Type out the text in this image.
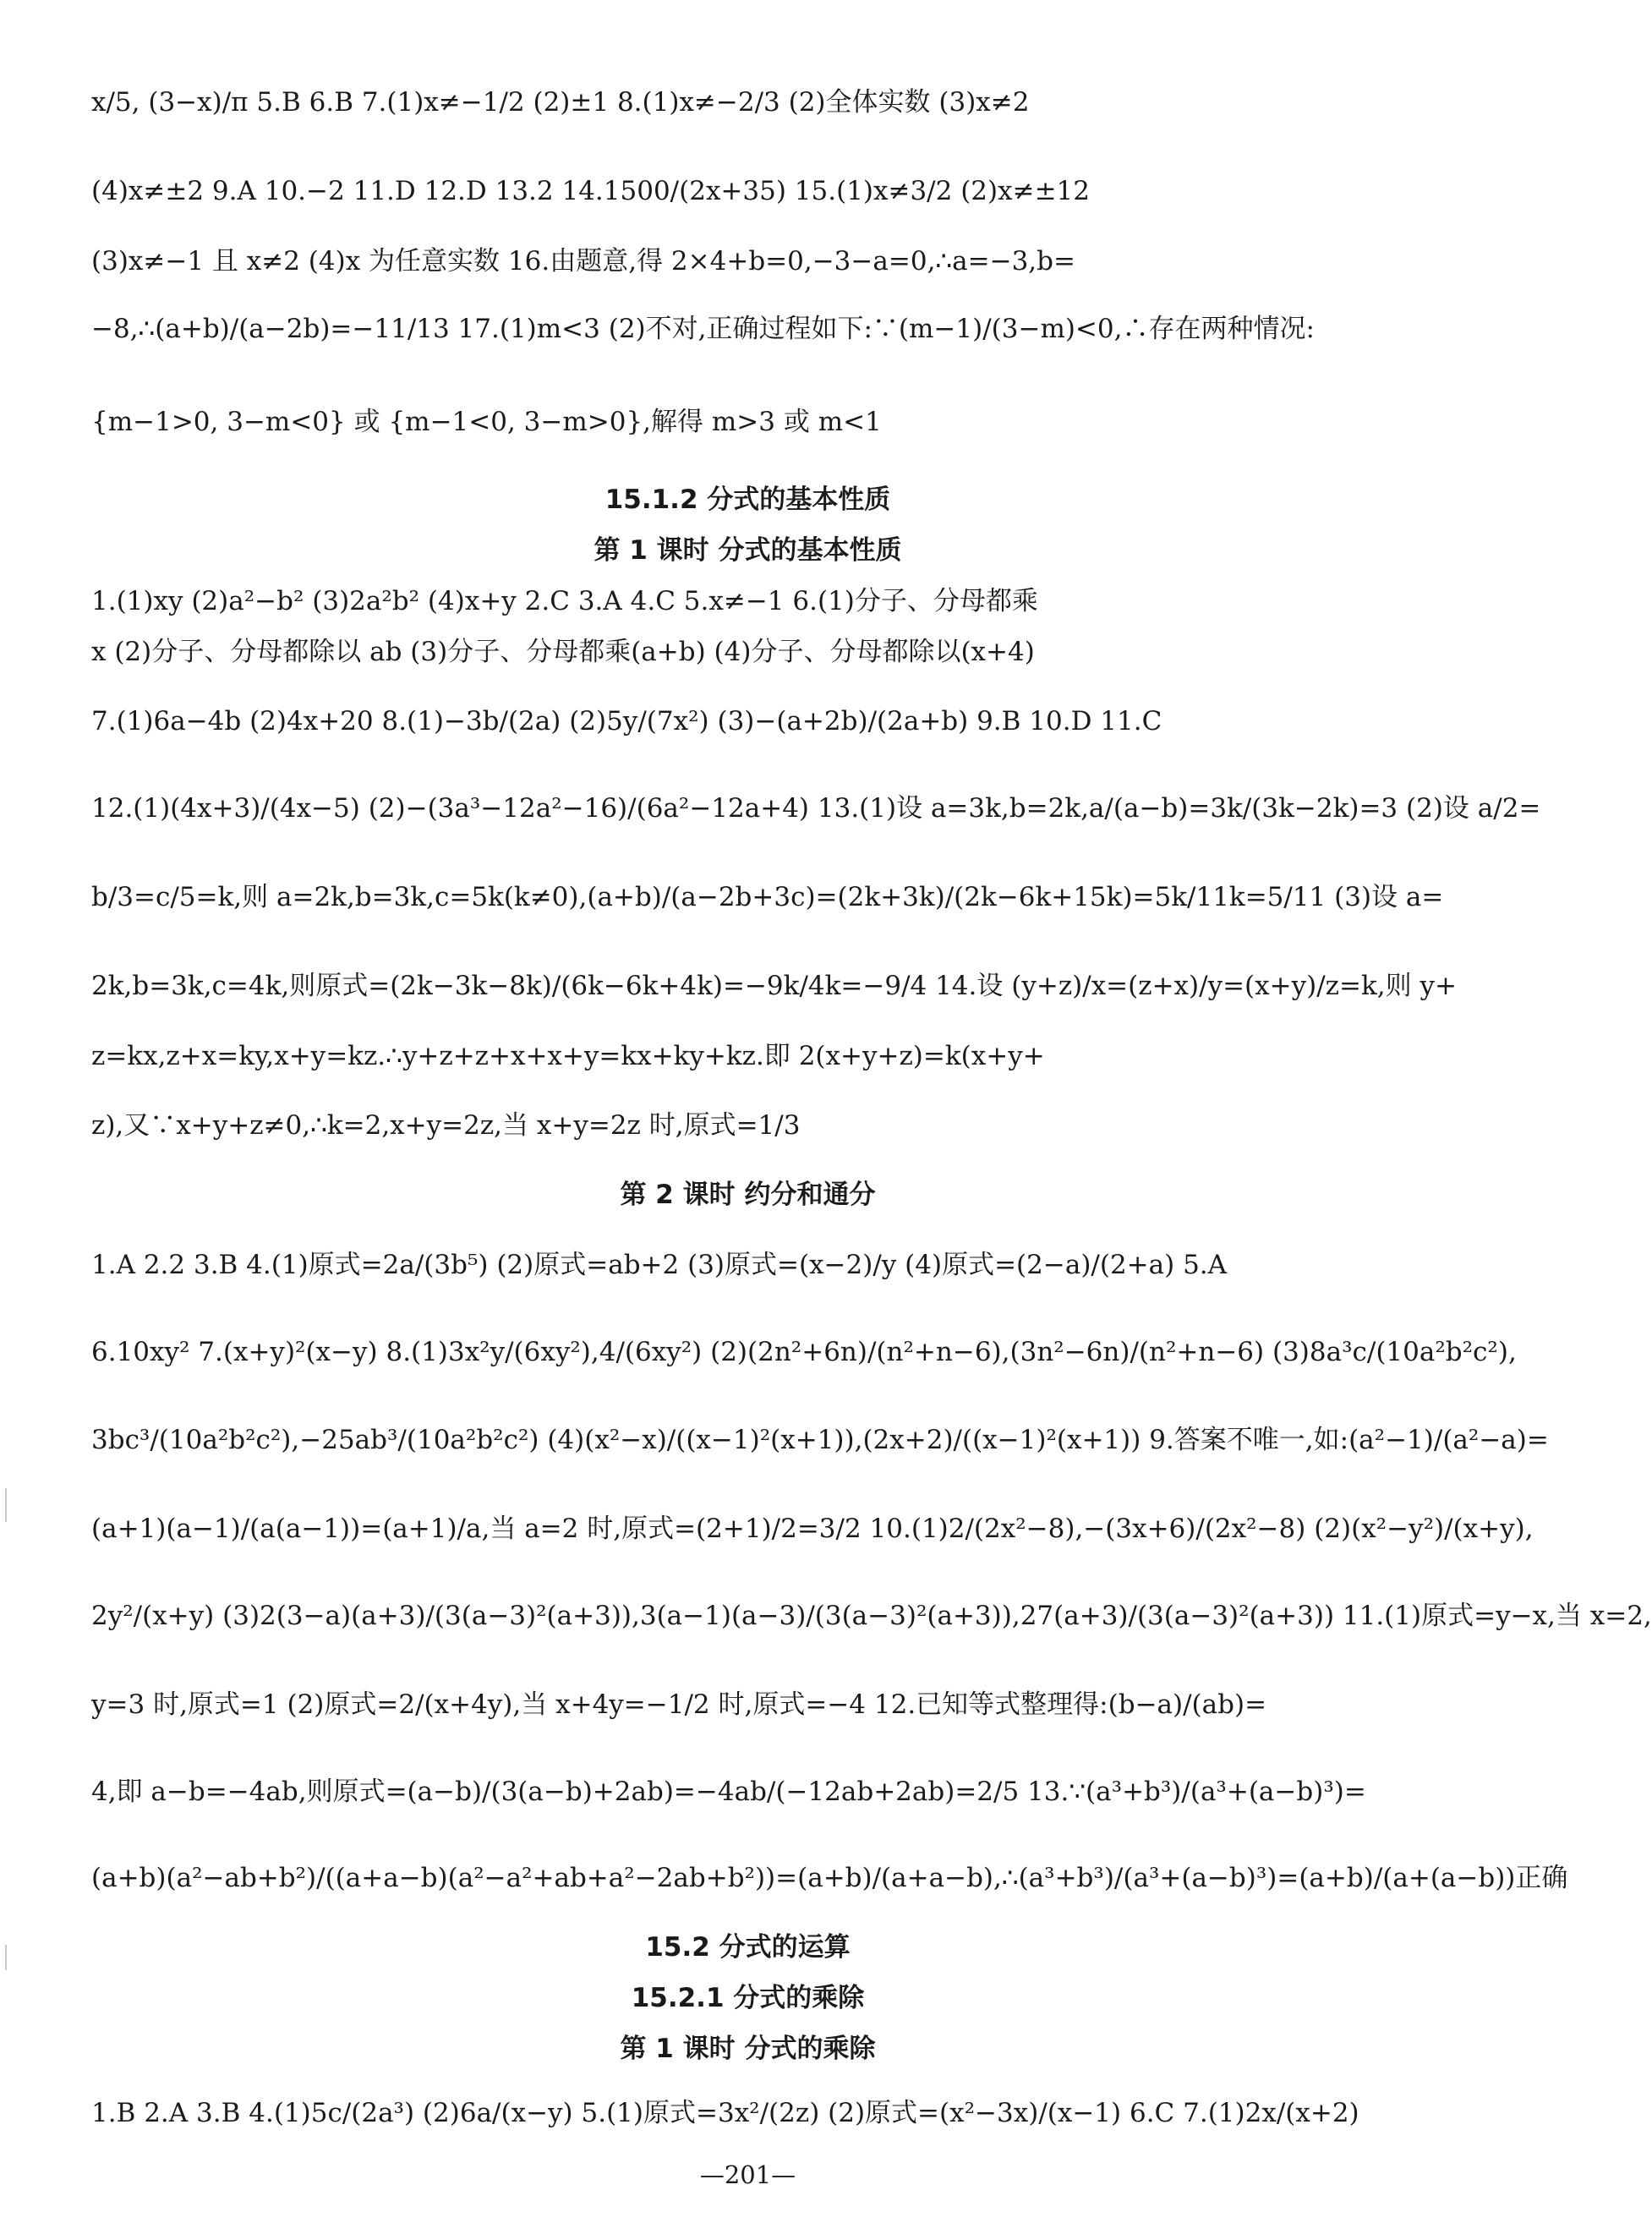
x/5, (3−x)/π 5.B 6.B 7.(1)x≠−1/2 (2)±1 8.(1)x≠−2/3 (2)全体实数 (3)x≠2
(4)x≠±2 9.A 10.−2 11.D 12.D 13.2 14.1500/(2x+35) 15.(1)x≠3/2 (2)x≠±12
(3)x≠−1 且 x≠2 (4)x 为任意实数 16.由题意,得 2×4+b=0,−3−a=0,∴a=−3,b=
−8,∴(a+b)/(a−2b)=−11/13 17.(1)m<3 (2)不对,正确过程如下:∵(m−1)/(3−m)<0,∴存在两种情况:
{m−1>0, 3−m<0} 或 {m−1<0, 3−m>0},解得 m>3 或 m<1
15.1.2 分式的基本性质
第 1 课时 分式的基本性质
1.(1)xy (2)a²−b² (3)2a²b² (4)x+y 2.C 3.A 4.C 5.x≠−1 6.(1)分子、分母都乘
x (2)分子、分母都除以 ab (3)分子、分母都乘(a+b) (4)分子、分母都除以(x+4)
7.(1)6a−4b (2)4x+20 8.(1)−3b/(2a) (2)5y/(7x²) (3)−(a+2b)/(2a+b) 9.B 10.D 11.C
12.(1)(4x+3)/(4x−5) (2)−(3a³−12a²−16)/(6a²−12a+4) 13.(1)设 a=3k,b=2k,a/(a−b)=3k/(3k−2k)=3 (2)设 a/2=
b/3=c/5=k,则 a=2k,b=3k,c=5k(k≠0),(a+b)/(a−2b+3c)=(2k+3k)/(2k−6k+15k)=5k/11k=5/11 (3)设 a=
2k,b=3k,c=4k,则原式=(2k−3k−8k)/(6k−6k+4k)=−9k/4k=−9/4 14.设 (y+z)/x=(z+x)/y=(x+y)/z=k,则 y+
z=kx,z+x=ky,x+y=kz.∴y+z+z+x+x+y=kx+ky+kz.即 2(x+y+z)=k(x+y+
z),又∵x+y+z≠0,∴k=2,x+y=2z,当 x+y=2z 时,原式=1/3
第 2 课时 约分和通分
1.A 2.2 3.B 4.(1)原式=2a/(3b⁵) (2)原式=ab+2 (3)原式=(x−2)/y (4)原式=(2−a)/(2+a) 5.A
6.10xy² 7.(x+y)²(x−y) 8.(1)3x²y/(6xy²),4/(6xy²) (2)(2n²+6n)/(n²+n−6),(3n²−6n)/(n²+n−6) (3)8a³c/(10a²b²c²),
3bc³/(10a²b²c²),−25ab³/(10a²b²c²) (4)(x²−x)/((x−1)²(x+1)),(2x+2)/((x−1)²(x+1)) 9.答案不唯一,如:(a²−1)/(a²−a)=
(a+1)(a−1)/(a(a−1))=(a+1)/a,当 a=2 时,原式=(2+1)/2=3/2 10.(1)2/(2x²−8),−(3x+6)/(2x²−8) (2)(x²−y²)/(x+y),
2y²/(x+y) (3)2(3−a)(a+3)/(3(a−3)²(a+3)),3(a−1)(a−3)/(3(a−3)²(a+3)),27(a+3)/(3(a−3)²(a+3)) 11.(1)原式=y−x,当 x=2,
y=3 时,原式=1 (2)原式=2/(x+4y),当 x+4y=−1/2 时,原式=−4 12.已知等式整理得:(b−a)/(ab)=
4,即 a−b=−4ab,则原式=(a−b)/(3(a−b)+2ab)=−4ab/(−12ab+2ab)=2/5 13.∵(a³+b³)/(a³+(a−b)³)=
(a+b)(a²−ab+b²)/((a+a−b)(a²−a²+ab+a²−2ab+b²))=(a+b)/(a+a−b),∴(a³+b³)/(a³+(a−b)³)=(a+b)/(a+(a−b))正确
15.2 分式的运算
15.2.1 分式的乘除
第 1 课时 分式的乘除
1.B 2.A 3.B 4.(1)5c/(2a³) (2)6a/(x−y) 5.(1)原式=3x²/(2z) (2)原式=(x²−3x)/(x−1) 6.C 7.(1)2x/(x+2)
—201—
